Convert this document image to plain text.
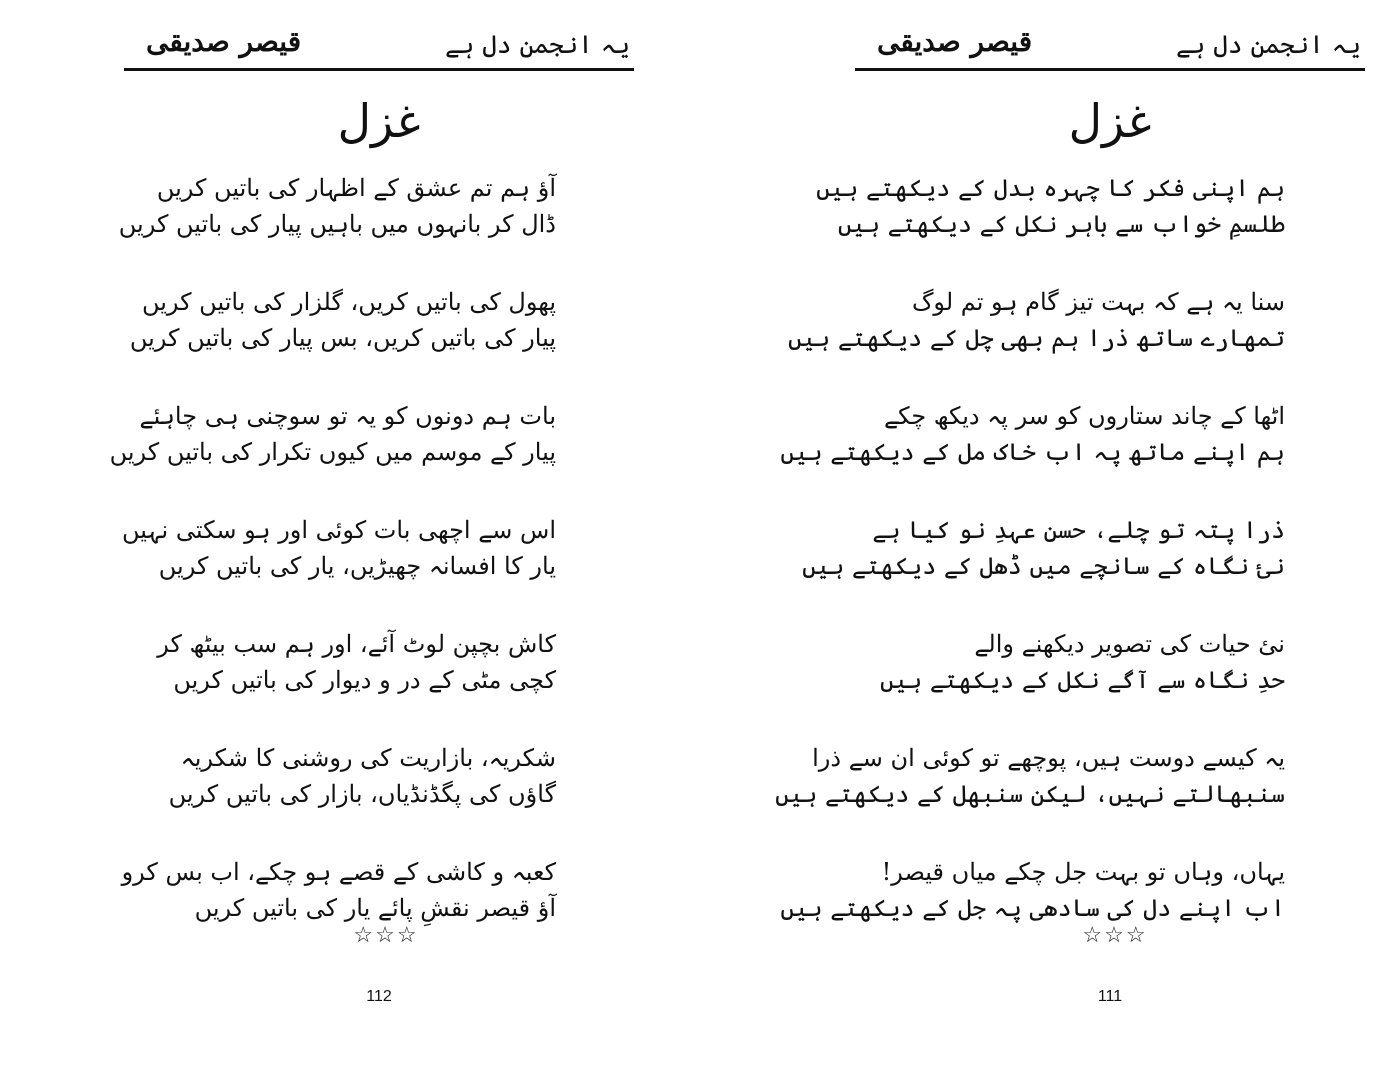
یہ انجمن دل ہے
قیصر صدیقی
غزل
آؤ ہم تم عشق کے اظہار کی باتیں کریں
ڈال کر بانہوں میں باہیں پیار کی باتیں کریں
پھول کی باتیں کریں، گلزار کی باتیں کریں
پیار کی باتیں کریں، بس پیار کی باتیں کریں
بات ہم دونوں کو یہ تو سوچنی ہی چاہئے
پیار کے موسم میں کیوں تکرار کی باتیں کریں
اس سے اچھی بات کوئی اور ہو سکتی نہیں
یار کا افسانہ چھیڑیں، یار کی باتیں کریں
کاش بچپن لوٹ آئے، اور ہم سب بیٹھ کر
کچی مٹی کے در و دیوار کی باتیں کریں
شکریہ، بازاریت کی روشنی کا شکریہ
گاؤں کی پگڈنڈیاں، بازار کی باتیں کریں
کعبہ و کاشی کے قصے ہو چکے، اب بس کرو
آؤ قیصر نقشِ پائے یار کی باتیں کریں
☆☆☆
112
یہ انجمن دل ہے
قیصر صدیقی
غزل
ہم اپنی فکر کا چہرہ بدل کے دیکھتے ہیں
طلسمِ خواب سے باہر نکل کے دیکھتے ہیں
سنا یہ ہے کہ بہت تیز گام ہو تم لوگ
تمھارے ساتھ ذرا ہم بھی چل کے دیکھتے ہیں
اٹھا کے چاند ستاروں کو سر پہ دیکھ چکے
ہم اپنے ماتھ پہ اب خاک مل کے دیکھتے ہیں
ذرا پتہ تو چلے، حسنِ عہدِ نو کیا ہے
نئ نگاہ کے سانچے میں ڈھل کے دیکھتے ہیں
نئ حیات کی تصویر دیکھنے والے
حدِ نگاہ سے آگے نکل کے دیکھتے ہیں
یہ کیسے دوست ہیں، پوچھے تو کوئی ان سے ذرا
سنبھالتے نہیں، لیکن سنبھل کے دیکھتے ہیں
یہاں، وہاں تو بہت جل چکے میاں قیصر!
اب اپنے دل کی سادھی پہ جل کے دیکھتے ہیں
☆☆☆
111
